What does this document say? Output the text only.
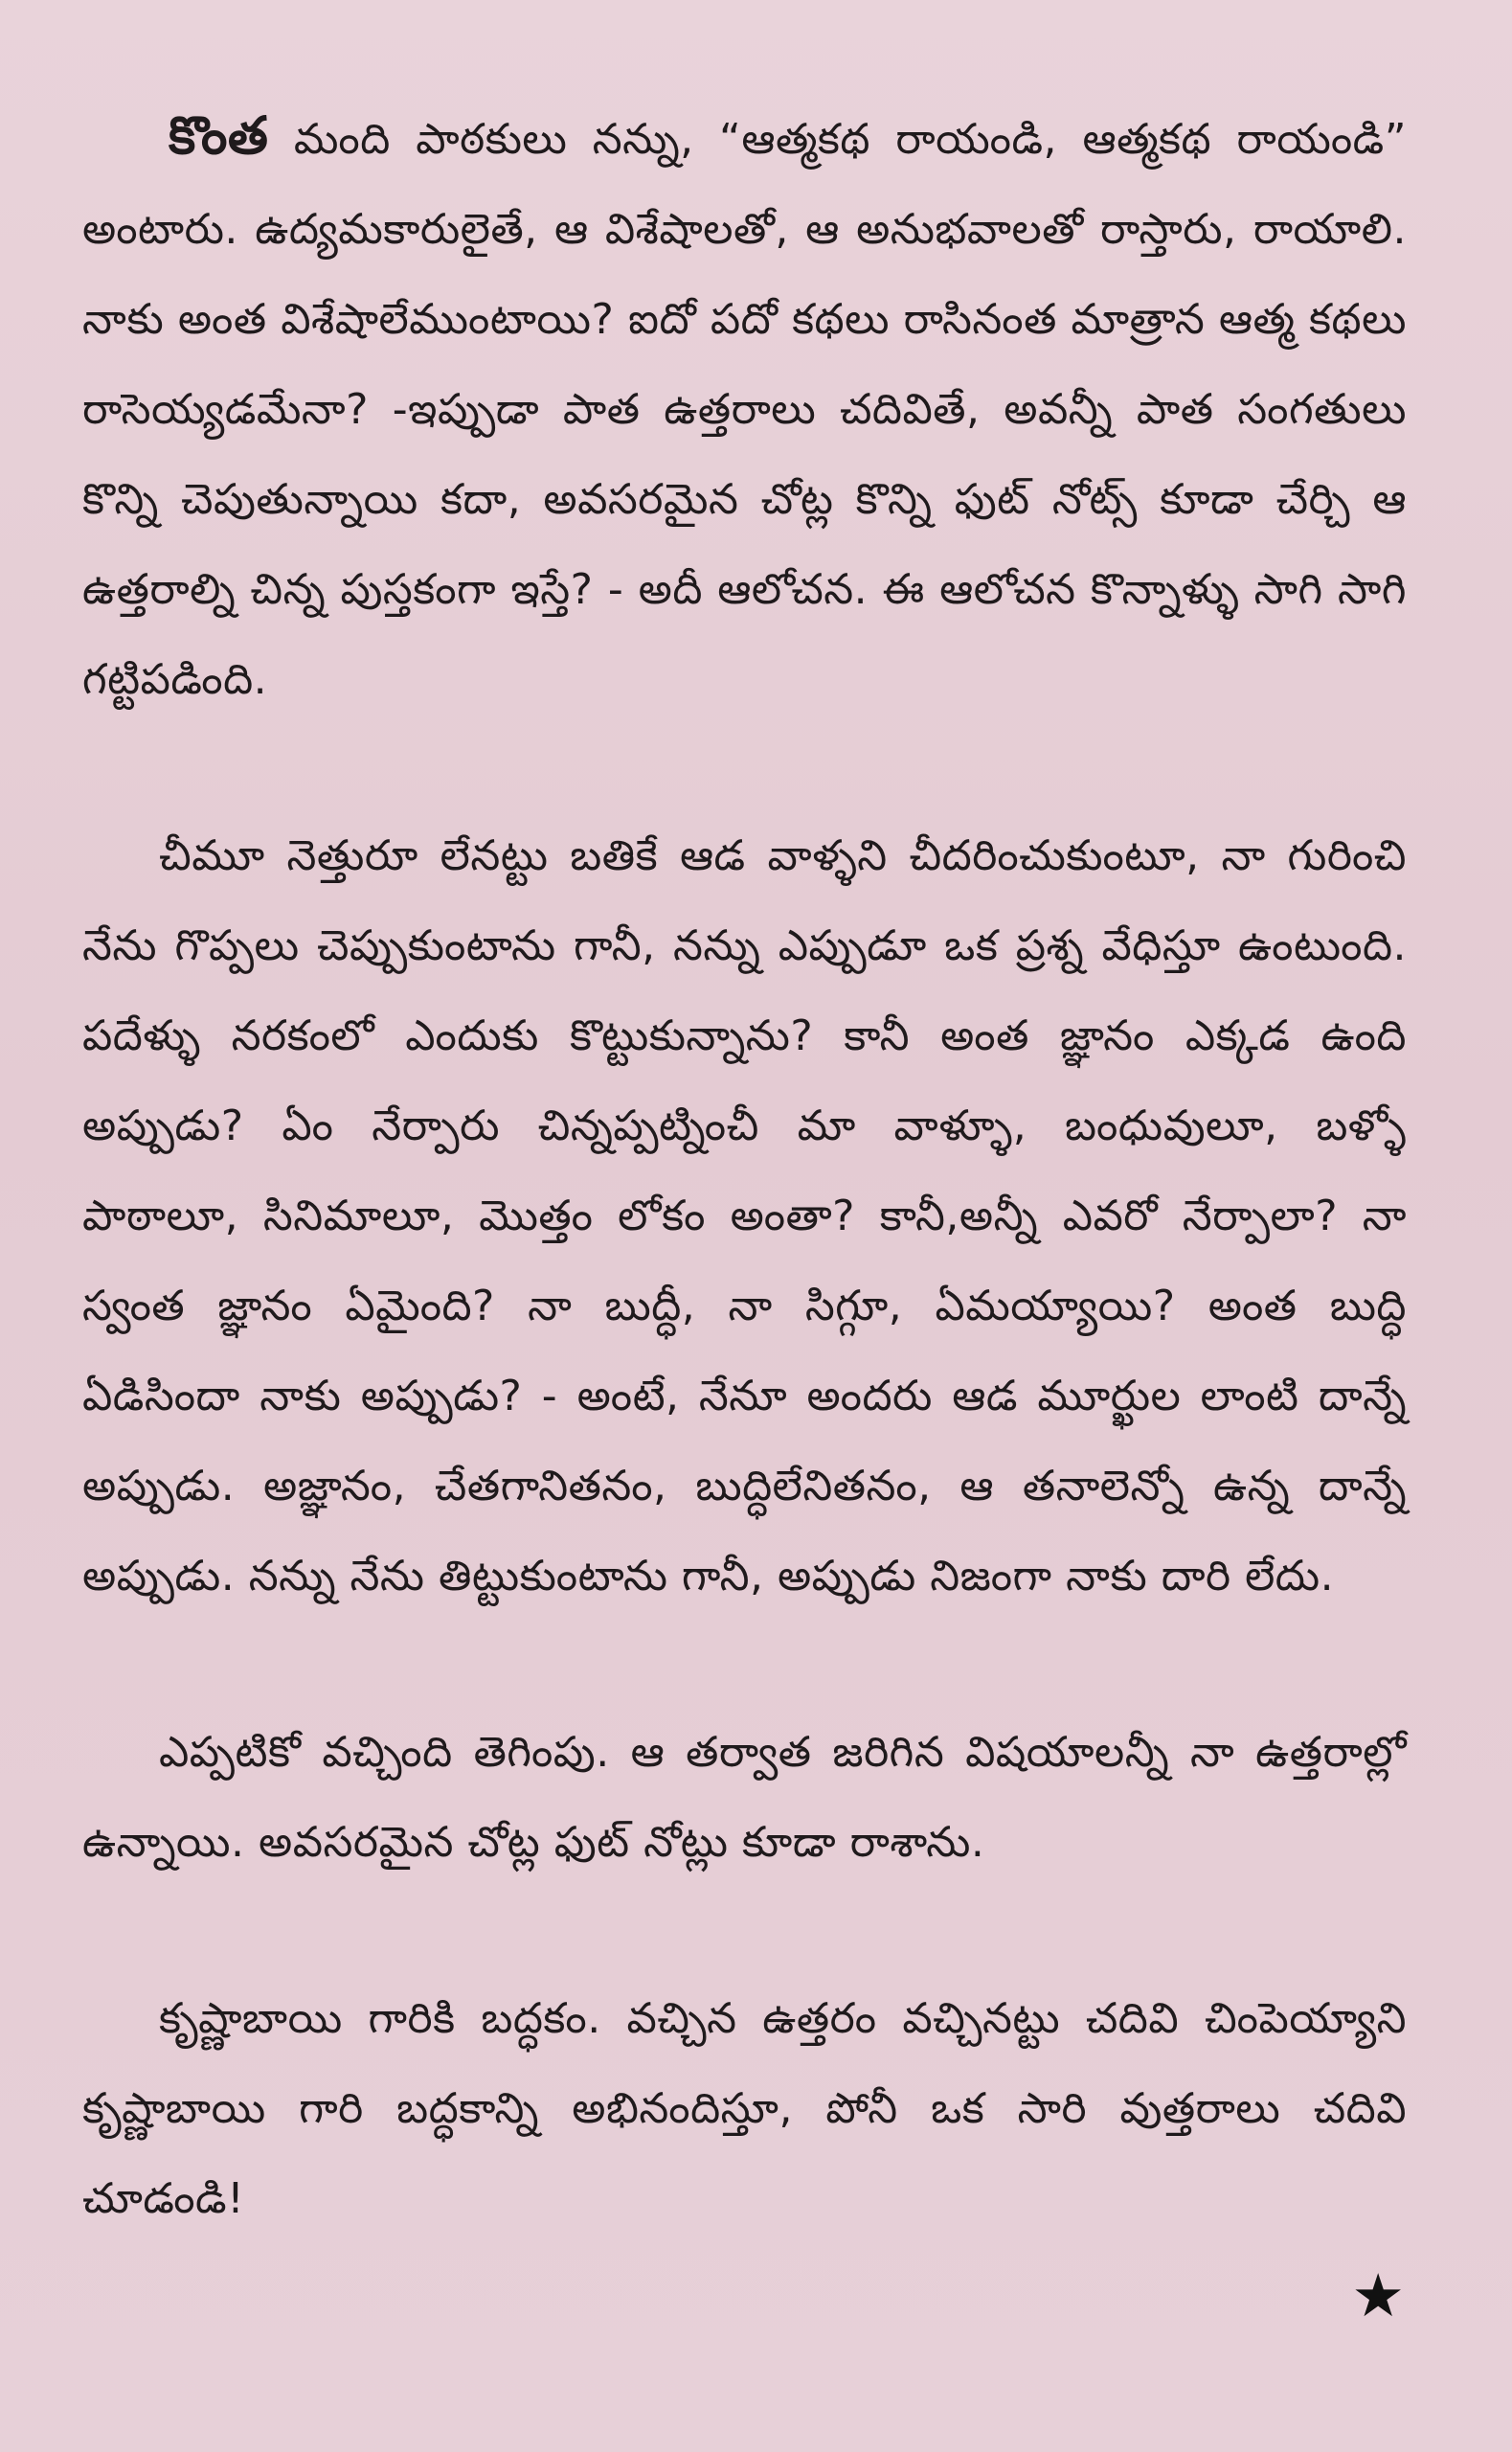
కొంత మంది పాఠకులు నన్ను, “ఆత్మకథ రాయండి, ఆత్మకథ రాయండి” అంటారు. ఉద్యమకారులైతే, ఆ విశేషాలతో, ఆ అనుభవాలతో రాస్తారు, రాయాలి. నాకు అంత విశేషాలేముంటాయి? ఐదో పదో కథలు రాసినంత మాత్రాన ఆత్మ కథలు రాసెయ్యడమేనా? -ఇప్పుడా పాత ఉత్తరాలు చదివితే, అవన్నీ పాత సంగతులు కొన్ని చెపుతున్నాయి కదా, అవసరమైన చోట్ల కొన్ని ఫుట్ నోట్స్ కూడా చేర్చి ఆ ఉత్తరాల్ని చిన్న పుస్తకంగా ఇస్తే? - అదీ ఆలోచన. ఈ ఆలోచన కొన్నాళ్ళు సాగి సాగి గట్టిపడింది.

చీమూ నెత్తురూ లేనట్టు బతికే ఆడ వాళ్ళని చీదరించుకుంటూ, నా గురించి నేను గొప్పలు చెప్పుకుంటాను గానీ, నన్ను ఎప్పుడూ ఒక ప్రశ్న వేధిస్తూ ఉంటుంది. పదేళ్ళు నరకంలో ఎందుకు కొట్టుకున్నాను? కానీ అంత జ్ఞానం ఎక్కడ ఉంది అప్పుడు? ఏం నేర్పారు చిన్నప్పట్నించీ మా వాళ్ళూ, బంధువులూ, బళ్ళో పాఠాలూ, సినిమాలూ, మొత్తం లోకం అంతా? కానీ,అన్నీ ఎవరో నేర్పాలా? నా స్వంత జ్ఞానం ఏమైంది? నా బుద్ధీ, నా సిగ్గూ, ఏమయ్యాయి? అంత బుద్ధి ఏడిసిందా నాకు అప్పుడు? - అంటే, నేనూ అందరు ఆడ మూర్ఖుల లాంటి దాన్నే అప్పుడు. అజ్ఞానం, చేతగానితనం, బుద్ధిలేనితనం, ఆ తనాలెన్నో ఉన్న దాన్నే అప్పుడు. నన్ను నేను తిట్టుకుంటాను గానీ, అప్పుడు నిజంగా నాకు దారి లేదు.

ఎప్పటికో వచ్చింది తెగింపు. ఆ తర్వాత జరిగిన విషయాలన్నీ నా ఉత్తరాల్లో ఉన్నాయి. అవసరమైన చోట్ల ఫుట్ నోట్లు కూడా రాశాను.

కృష్ణాబాయి గారికి బద్ధకం. వచ్చిన ఉత్తరం వచ్చినట్టు చదివి చింపెయ్యాని కృష్ణాబాయి గారి బద్ధకాన్ని అభినందిస్తూ, పోనీ ఒక సారి వుత్తరాలు చదివి చూడండి!

★
